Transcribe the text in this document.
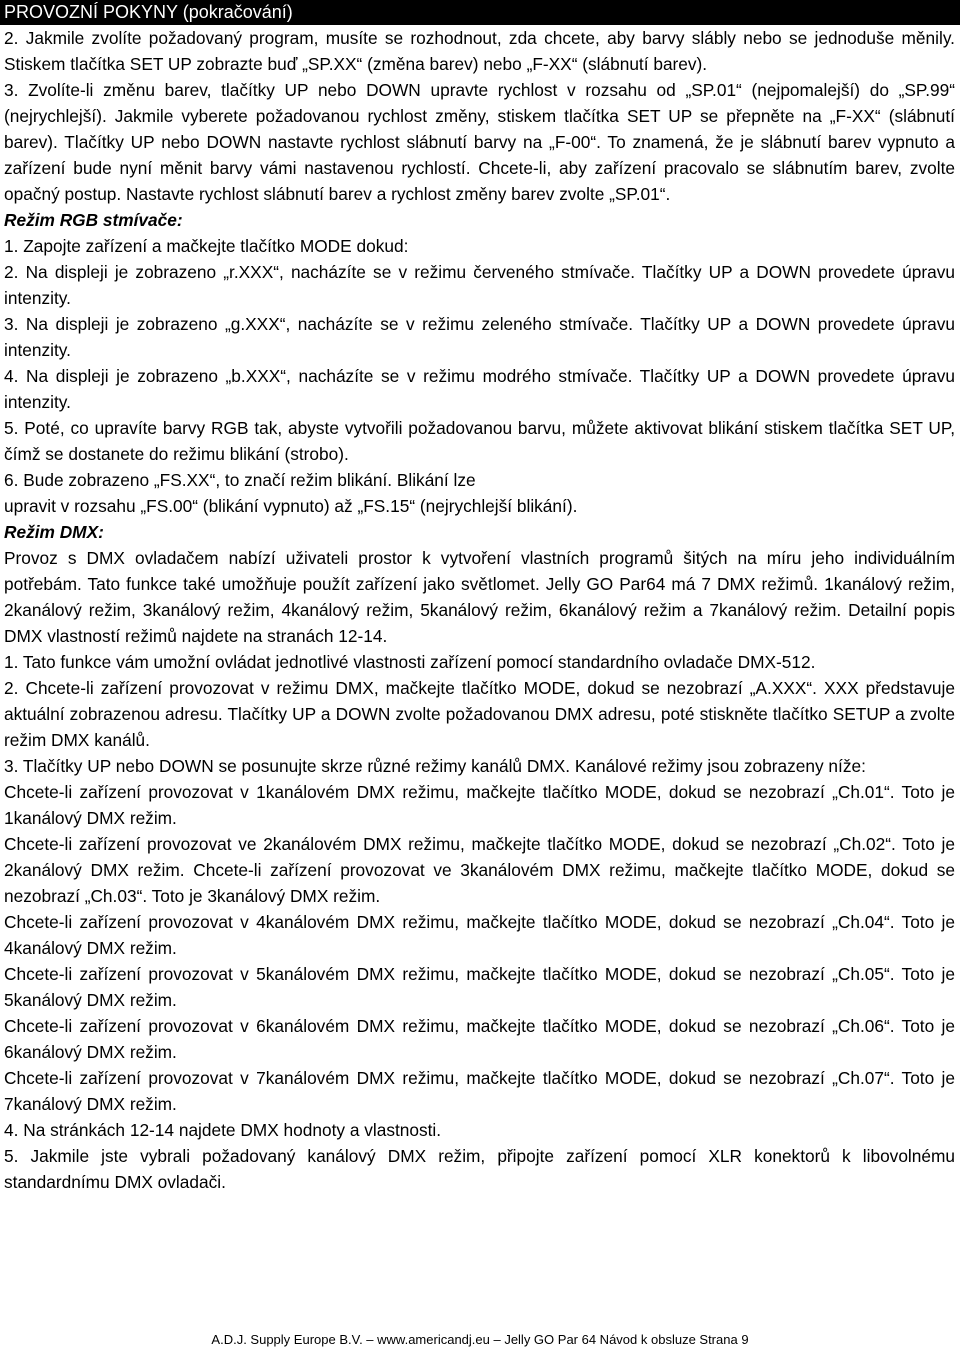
PROVOZNÍ POKYNY (pokračování)

2. Jakmile zvolíte požadovaný program, musíte se rozhodnout, zda chcete, aby barvy slábly nebo se jednoduše měnily. Stiskem tlačítka SET UP zobrazte buď „SP.XX“ (změna barev) nebo „F-XX“ (slábnutí barev).

3. Zvolíte-li změnu barev, tlačítky UP nebo DOWN upravte rychlost v rozsahu od „SP.01“ (nejpomalejší) do „SP.99“ (nejrychlejší). Jakmile vyberete požadovanou rychlost změny, stiskem tlačítka SET UP se přepněte na „F-XX“ (slábnutí barev). Tlačítky UP nebo DOWN nastavte rychlost slábnutí barvy na „F-00“. To znamená, že je slábnutí barev vypnuto a zařízení bude nyní měnit barvy vámi nastavenou rychlostí. Chcete-li, aby zařízení pracovalo se slábnutím barev, zvolte opačný postup. Nastavte rychlost slábnutí barev a rychlost změny barev zvolte „SP.01“.

Režim RGB stmívače:

1. Zapojte zařízení a mačkejte tlačítko MODE dokud:

2. Na displeji je zobrazeno „r.XXX“, nacházíte se v režimu červeného stmívače. Tlačítky UP a DOWN provedete úpravu intenzity.

3. Na displeji je zobrazeno „g.XXX“, nacházíte se v režimu zeleného stmívače. Tlačítky UP a DOWN provedete úpravu intenzity.

4. Na displeji je zobrazeno „b.XXX“, nacházíte se v režimu modrého stmívače. Tlačítky UP a DOWN provedete úpravu intenzity.

5. Poté, co upravíte barvy RGB tak, abyste vytvořili požadovanou barvu, můžete aktivovat blikání stiskem tlačítka SET UP, čímž se dostanete do režimu blikání (strobo).

6. Bude zobrazeno „FS.XX“, to značí režim blikání. Blikání lze

upravit v rozsahu „FS.00“ (blikání vypnuto) až „FS.15“ (nejrychlejší blikání).

Režim DMX:

Provoz s DMX ovladačem nabízí uživateli prostor k vytvoření vlastních programů šitých na míru jeho individuálním potřebám. Tato funkce také umožňuje použít zařízení jako světlomet. Jelly GO Par64 má 7 DMX režimů. 1kanálový režim, 2kanálový režim, 3kanálový režim, 4kanálový režim, 5kanálový režim, 6kanálový režim a 7kanálový režim. Detailní popis DMX vlastností režimů najdete na stranách 12-14.

1. Tato funkce vám umožní ovládat jednotlivé vlastnosti zařízení pomocí standardního ovladače DMX-512.

2. Chcete-li zařízení provozovat v režimu DMX, mačkejte tlačítko MODE, dokud se nezobrazí „A.XXX“. XXX představuje aktuální zobrazenou adresu. Tlačítky UP a DOWN zvolte požadovanou DMX adresu, poté stiskněte tlačítko SETUP a zvolte režim DMX kanálů.

3. Tlačítky UP nebo DOWN se posunujte skrze různé režimy kanálů DMX. Kanálové režimy jsou zobrazeny níže:

Chcete-li zařízení provozovat v 1kanálovém DMX režimu, mačkejte tlačítko MODE, dokud se nezobrazí „Ch.01“. Toto je 1kanálový DMX režim.

Chcete-li zařízení provozovat ve 2kanálovém DMX režimu, mačkejte tlačítko MODE, dokud se nezobrazí „Ch.02“. Toto je 2kanálový DMX režim. Chcete-li zařízení provozovat ve 3kanálovém DMX režimu, mačkejte tlačítko MODE, dokud se nezobrazí „Ch.03“. Toto je 3kanálový DMX režim.

Chcete-li zařízení provozovat v 4kanálovém DMX režimu, mačkejte tlačítko MODE, dokud se nezobrazí „Ch.04“. Toto je 4kanálový DMX režim.

Chcete-li zařízení provozovat v 5kanálovém DMX režimu, mačkejte tlačítko MODE, dokud se nezobrazí „Ch.05“. Toto je 5kanálový DMX režim.

Chcete-li zařízení provozovat v 6kanálovém DMX režimu, mačkejte tlačítko MODE, dokud se nezobrazí „Ch.06“. Toto je 6kanálový DMX režim.

Chcete-li zařízení provozovat v 7kanálovém DMX režimu, mačkejte tlačítko MODE, dokud se nezobrazí „Ch.07“. Toto je 7kanálový DMX režim.

4. Na stránkách 12-14 najdete DMX hodnoty a vlastnosti.

5. Jakmile jste vybrali požadovaný kanálový DMX režim, připojte zařízení pomocí XLR konektorů k libovolnému standardnímu DMX ovladači.

A.D.J. Supply Europe B.V. – www.americandj.eu – Jelly GO Par 64 Návod k obsluze Strana 9
